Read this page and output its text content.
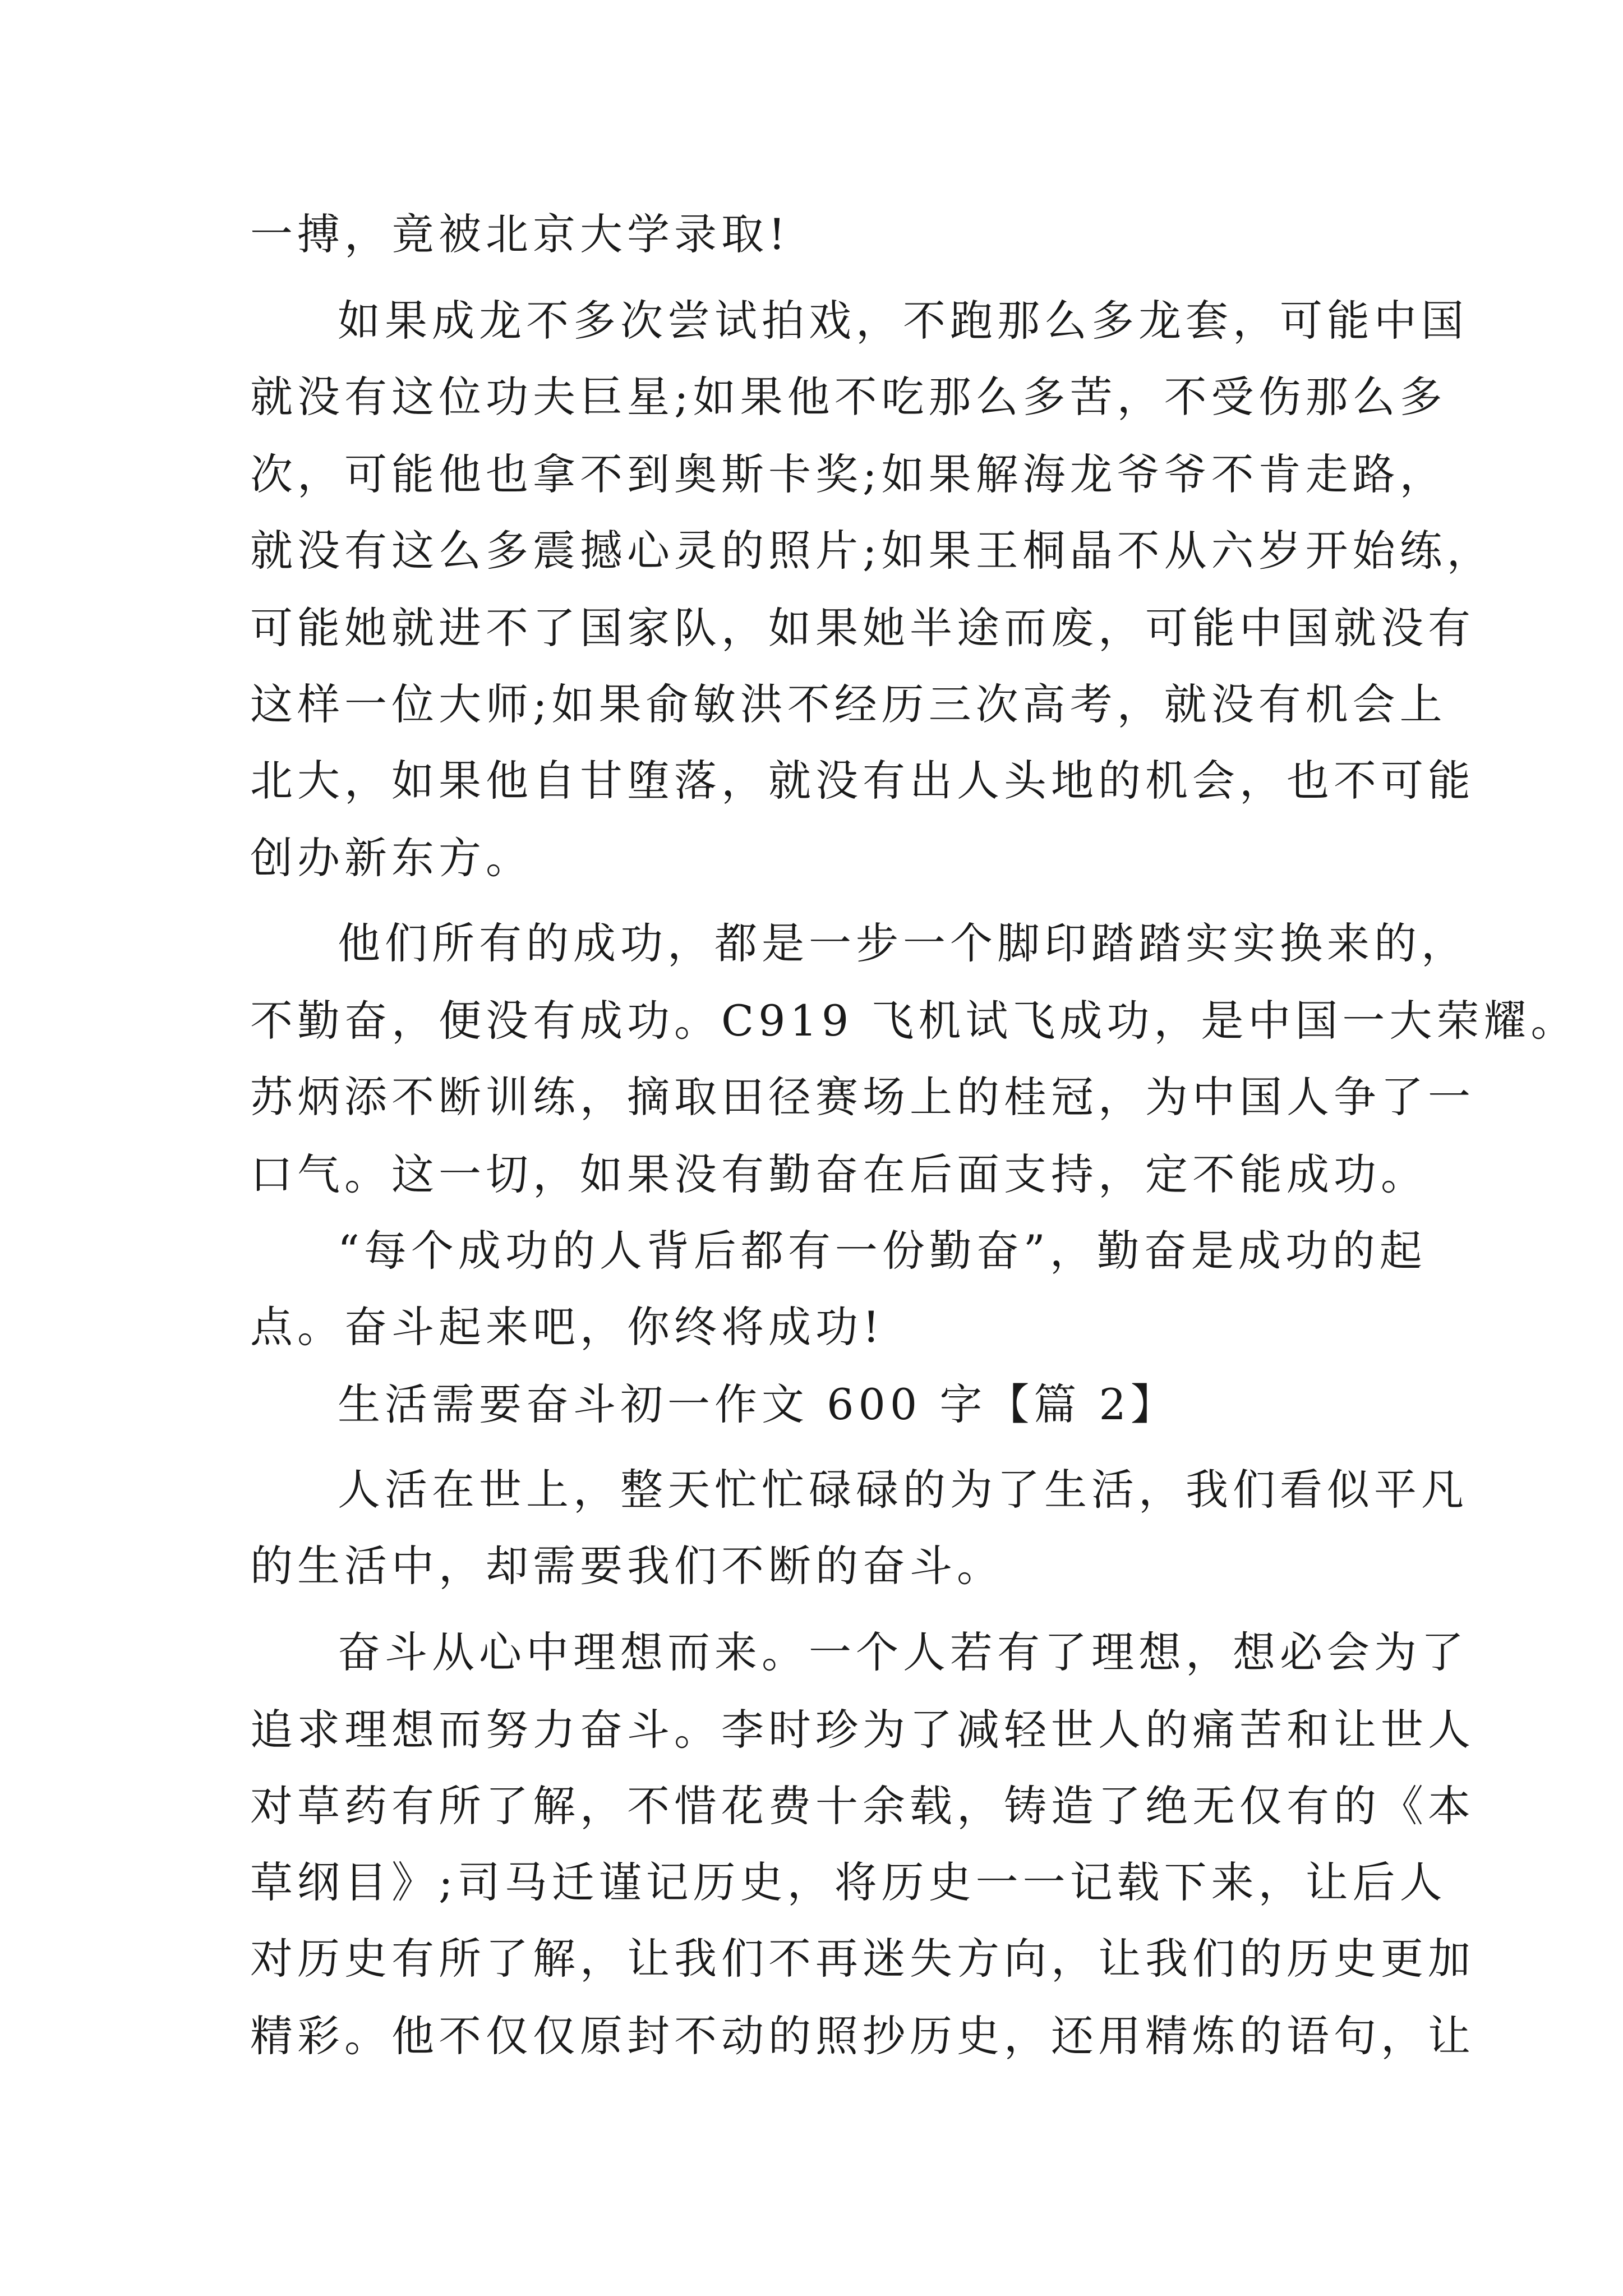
一搏，竟被北京大学录取!

如果成龙不多次尝试拍戏，不跑那么多龙套，可能中国

就没有这位功夫巨星;如果他不吃那么多苦，不受伤那么多

次，可能他也拿不到奥斯卡奖;如果解海龙爷爷不肯走路，

就没有这么多震撼心灵的照片;如果王桐晶不从六岁开始练，

可能她就进不了国家队，如果她半途而废，可能中国就没有

这样一位大师;如果俞敏洪不经历三次高考，就没有机会上

北大，如果他自甘堕落，就没有出人头地的机会，也不可能

创办新东方。

他们所有的成功，都是一步一个脚印踏踏实实换来的，

不勤奋，便没有成功。C919 飞机试飞成功，是中国一大荣耀。

苏炳添不断训练，摘取田径赛场上的桂冠，为中国人争了一

口气。这一切，如果没有勤奋在后面支持，定不能成功。

“每个成功的人背后都有一份勤奋”，勤奋是成功的起

点。奋斗起来吧，你终将成功!

生活需要奋斗初一作文 600 字【篇 2】

人活在世上，整天忙忙碌碌的为了生活，我们看似平凡

的生活中，却需要我们不断的奋斗。

奋斗从心中理想而来。一个人若有了理想，想必会为了

追求理想而努力奋斗。李时珍为了减轻世人的痛苦和让世人

对草药有所了解，不惜花费十余载，铸造了绝无仅有的《本

草纲目》;司马迁谨记历史，将历史一一记载下来，让后人

对历史有所了解，让我们不再迷失方向，让我们的历史更加

精彩。他不仅仅原封不动的照抄历史，还用精炼的语句，让
